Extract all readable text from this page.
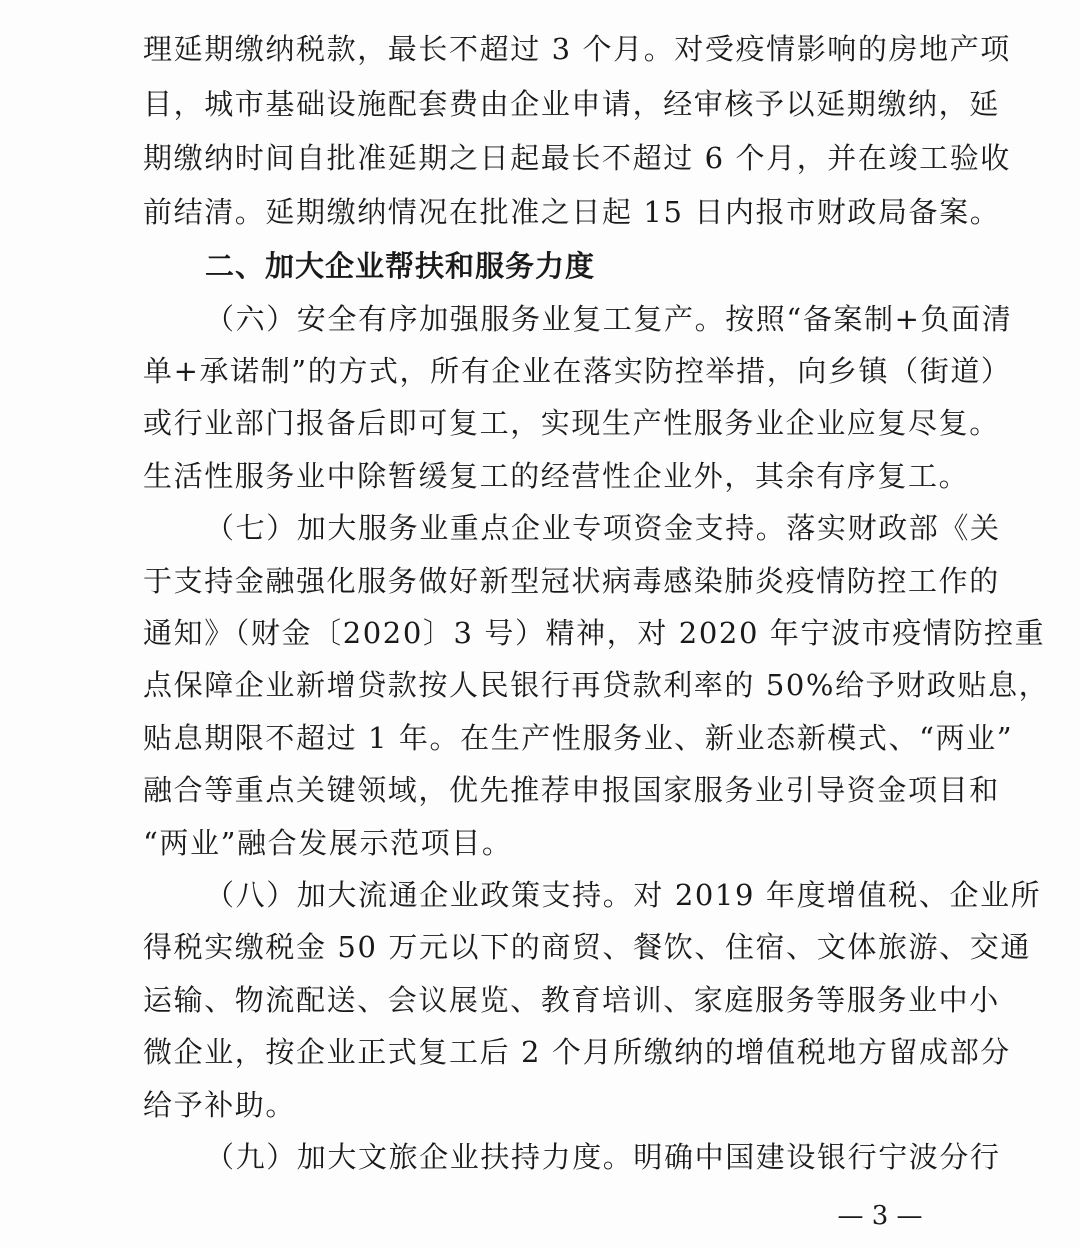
理延期缴纳税款，最长不超过 3 个月。对受疫情影响的房地产项
目，城市基础设施配套费由企业申请，经审核予以延期缴纳，延
期缴纳时间自批准延期之日起最长不超过 6 个月，并在竣工验收
前结清。延期缴纳情况在批准之日起 15 日内报市财政局备案。
二、加大企业帮扶和服务力度
（六）安全有序加强服务业复工复产。按照“备案制+负面清
单+承诺制”的方式，所有企业在落实防控举措，向乡镇（街道）
或行业部门报备后即可复工，实现生产性服务业企业应复尽复。
生活性服务业中除暂缓复工的经营性企业外，其余有序复工。
（七）加大服务业重点企业专项资金支持。落实财政部《关
于支持金融强化服务做好新型冠状病毒感染肺炎疫情防控工作的
通知》（财金〔2020〕3 号）精神，对 2020 年宁波市疫情防控重
点保障企业新增贷款按人民银行再贷款利率的 50%给予财政贴息，
贴息期限不超过 1 年。在生产性服务业、新业态新模式、“两业”
融合等重点关键领域，优先推荐申报国家服务业引导资金项目和
“两业”融合发展示范项目。
（八）加大流通企业政策支持。对 2019 年度增值税、企业所
得税实缴税金 50 万元以下的商贸、餐饮、住宿、文体旅游、交通
运输、物流配送、会议展览、教育培训、家庭服务等服务业中小
微企业，按企业正式复工后 2 个月所缴纳的增值税地方留成部分
给予补助。
（九）加大文旅企业扶持力度。明确中国建设银行宁波分行
— 3 —
